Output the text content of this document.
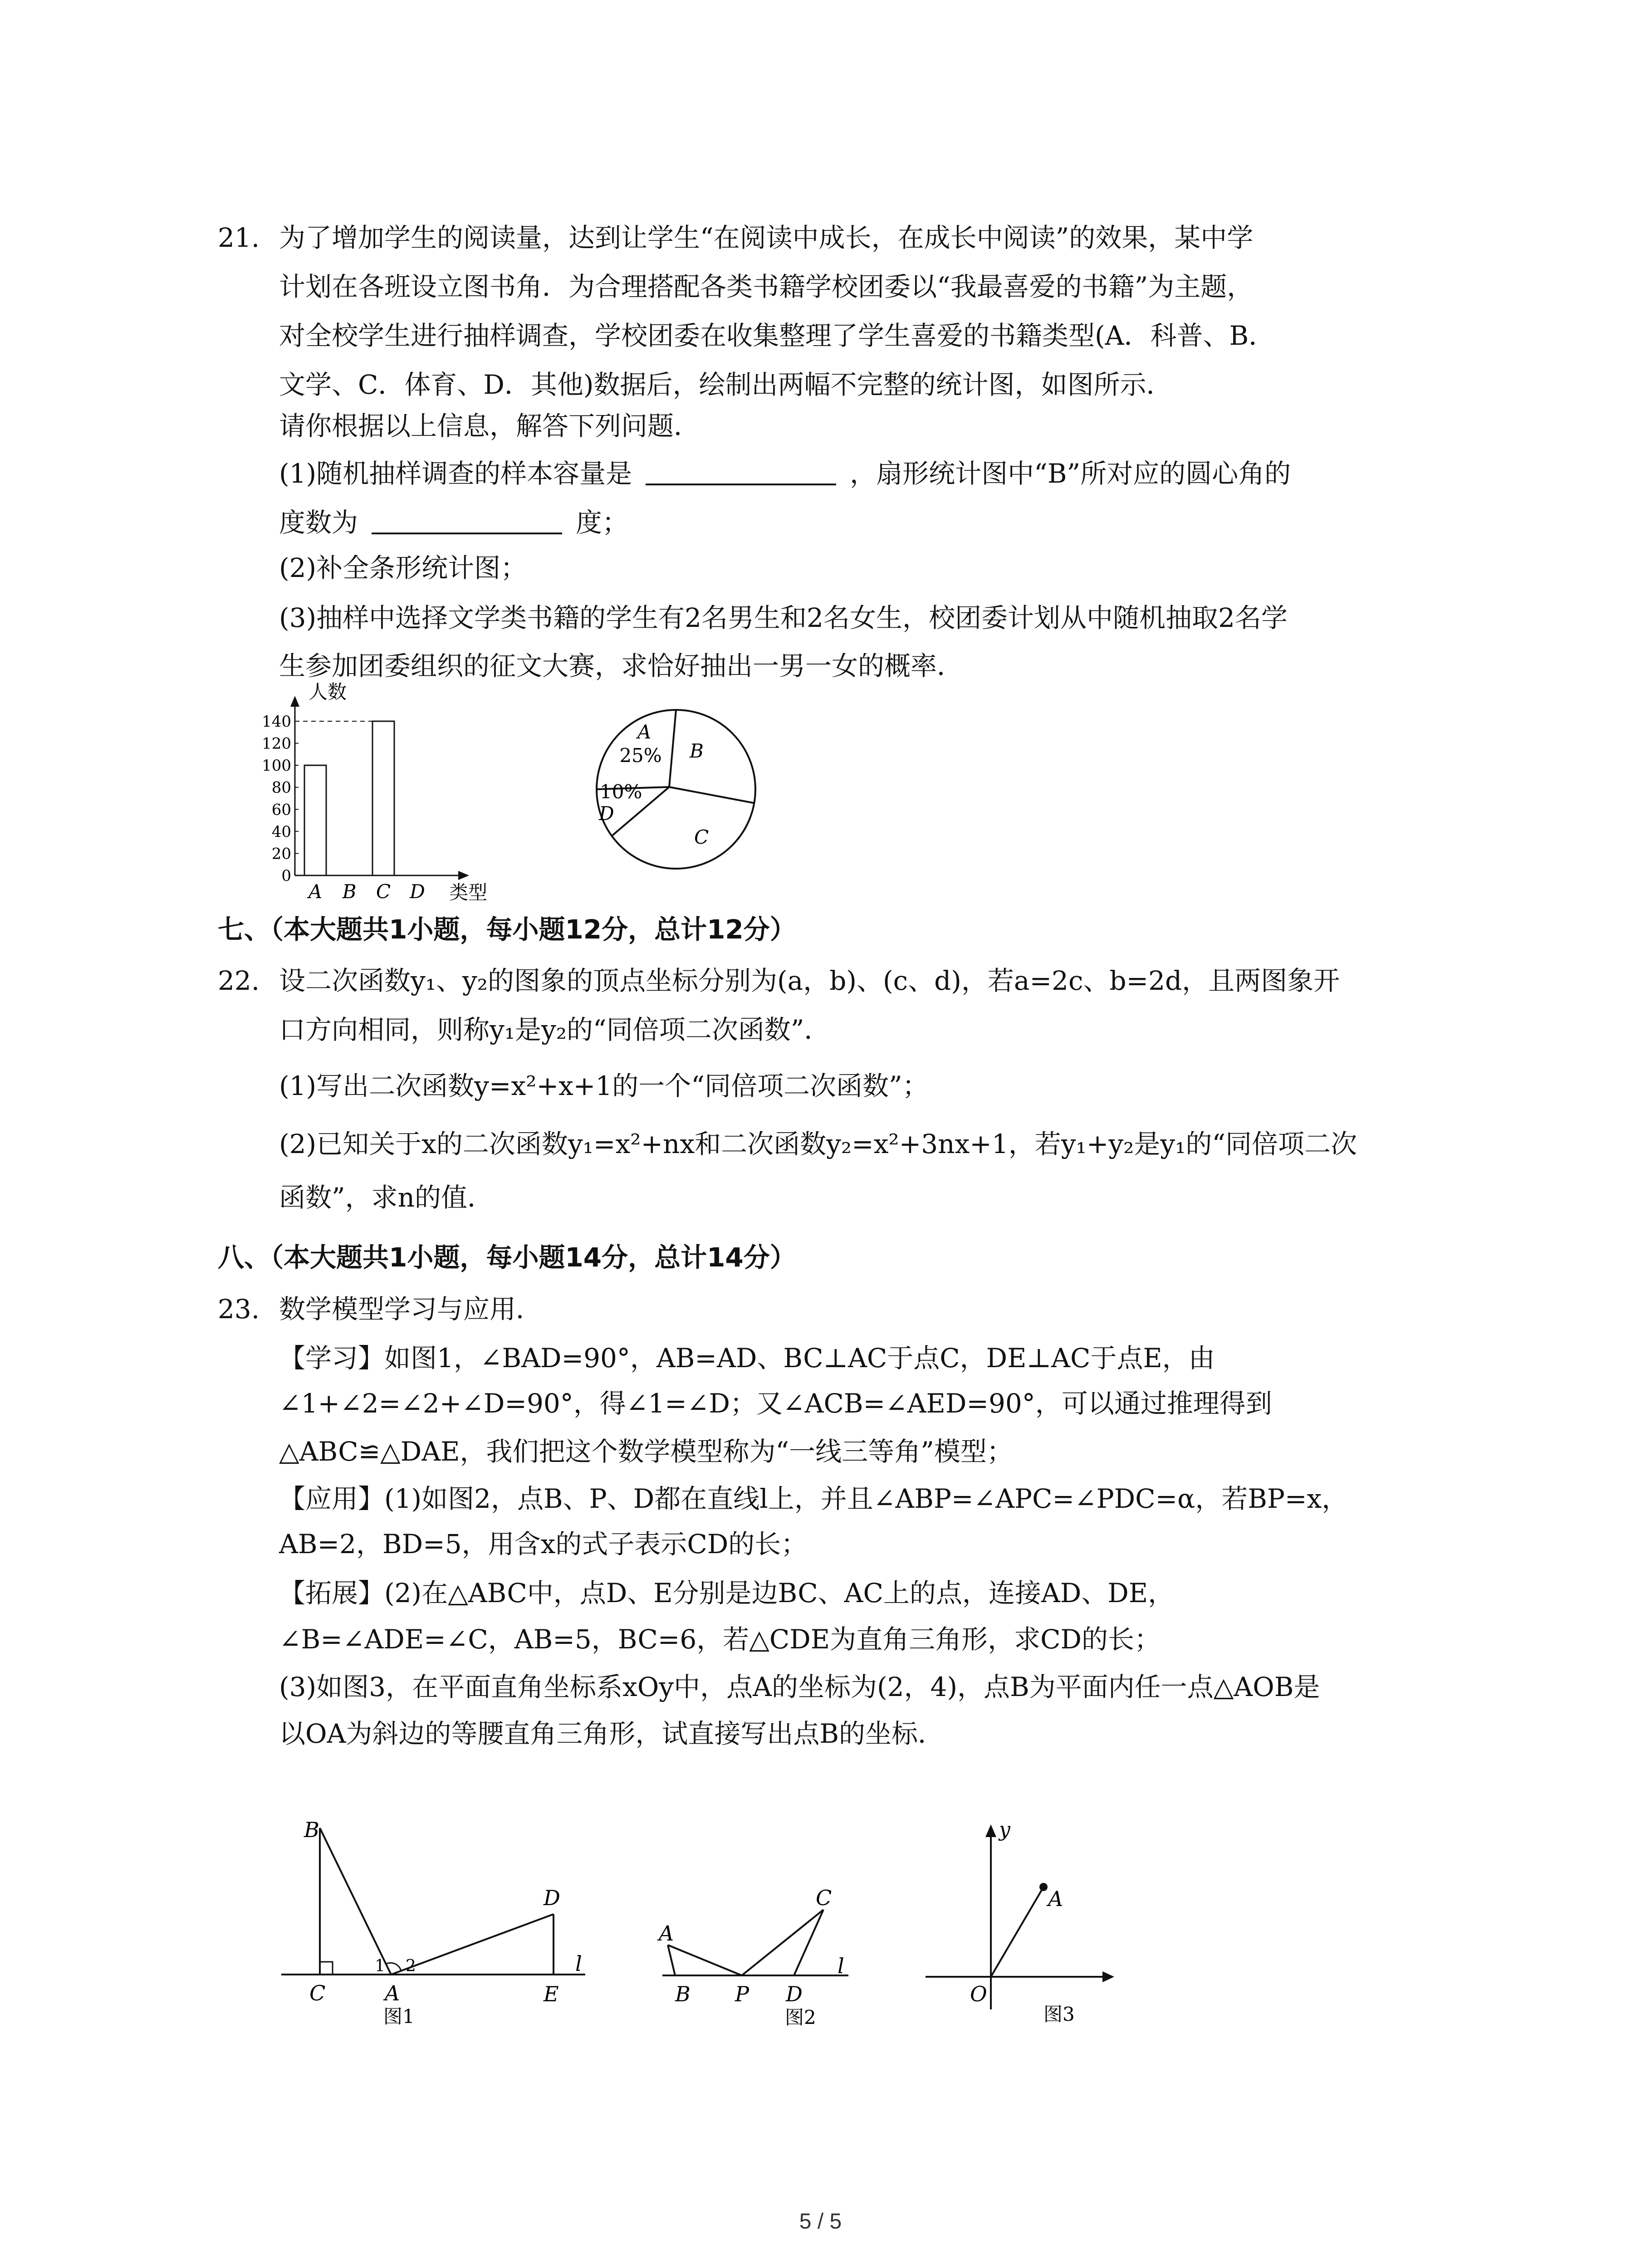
21. 为了增加学生的阅读量，达到让学生“在阅读中成长，在成长中阅读”的效果，某中学

计划在各班设立图书角．为合理搭配各类书籍学校团委以“我最喜爱的书籍”为主题，

对全校学生进行抽样调查，学校团委在收集整理了学生喜爱的书籍类型(A．科普、B．

文学、C．体育、D．其他)数据后，绘制出两幅不完整的统计图，如图所示．

请你根据以上信息，解答下列问题．

(1)随机抽样调查的样本容量是	，扇形统计图中“B”所对应的圆心角的

度数为	度；

(2)补全条形统计图；

(3)抽样中选择文学类书籍的学生有2名男生和2名女生，校团委计划从中随机抽取2名学

生参加团委组织的征文大赛，求恰好抽出一男一女的概率．

人数
类型
0
20
40
60
80
100
120
140
A B C D
A
25% B
C
D
10%

七、（本大题共1小题，每小题12分，总计12分）

22. 设二次函数y₁、y₂的图象的顶点坐标分别为(a，b)、(c、d)，若a=2c、b=2d，且两图象开

口方向相同，则称y₁是y₂的“同倍项二次函数”．

(1)写出二次函数y=x²+x+1的一个“同倍项二次函数”；

(2)已知关于x的二次函数y₁=x²+nx和二次函数y₂=x²+3nx+1，若y₁+y₂是y₁的“同倍项二次

函数”，求n的值．

八、（本大题共1小题，每小题14分，总计14分）

23. 数学模型学习与应用．

【学习】如图1，∠BAD=90°，AB=AD、BC⊥AC于点C，DE⊥AC于点E，由

∠1+∠2=∠2+∠D=90°，得∠1=∠D；又∠ACB=∠AED=90°，可以通过推理得到

△ABC≌△DAE，我们把这个数学模型称为“一线三等角”模型；

【应用】(1)如图2，点B、P、D都在直线l上，并且∠ABP=∠APC=∠PDC=α，若BP=x，

AB=2，BD=5，用含x的式子表示CD的长；

【拓展】(2)在△ABC中，点D、E分别是边BC、AC上的点，连接AD、DE，

∠B=∠ADE=∠C，AB=5，BC=6，若△CDE为直角三角形，求CD的长；

(3)如图3，在平面直角坐标系xOy中，点A的坐标为(2，4)，点B为平面内任一点△AOB是

以OA为斜边的等腰直角三角形，试直接写出点B的坐标．

B
C	A
D
E
l
1 2
图1
A
B P D
C
l
图2
y
O
A
图3
5 / 5
